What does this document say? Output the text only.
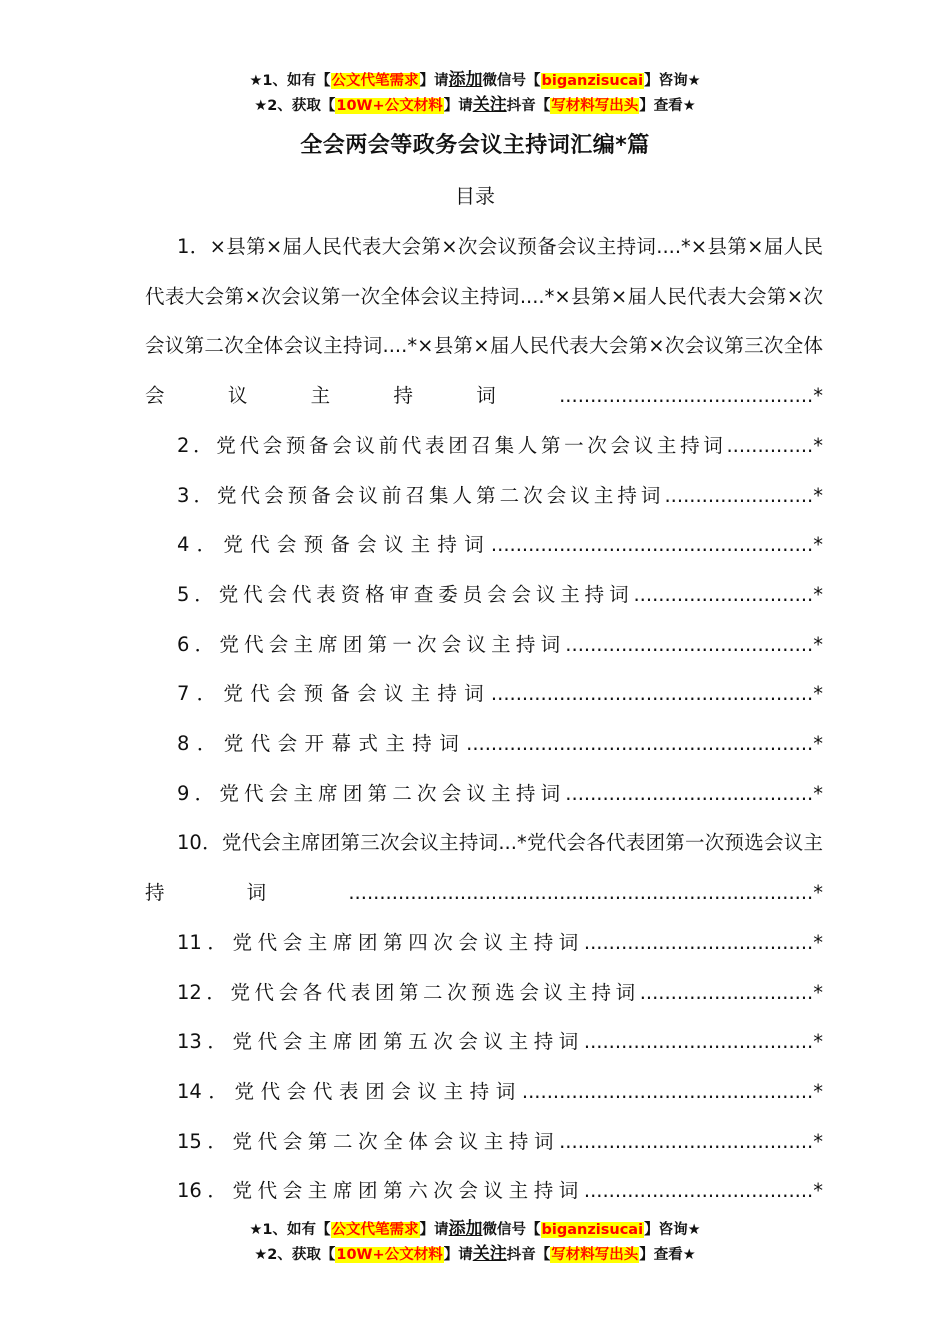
★1、如有【公文代笔需求】请添加微信号【biganzisucai】咨询★
★2、获取【10W+公文材料】请关注抖音【写材料写出头】查看★
全会两会等政务会议主持词汇编*篇
目录
1．×县第×届人民代表大会第×次会议预备会议主持词....*×县第×届人民代表大会第×次会议第一次全体会议主持词....*×县第×届人民代表大会第×次会议第二次全体会议主持词....*×县第×届人民代表大会第×次会议第三次全体会议主持词.........................................*
2．党代会预备会议前代表团召集人第一次会议主持词..............*
3．党代会预备会议前召集人第二次会议主持词........................*
4．党代会预备会议主持词....................................................*
5．党代会代表资格审查委员会会议主持词.............................*
6．党代会主席团第一次会议主持词........................................*
7．党代会预备会议主持词....................................................*
8．党代会开幕式主持词........................................................*
9．党代会主席团第二次会议主持词........................................*
10．党代会主席团第三次会议主持词...*党代会各代表团第一次预选会议主持词...........................................................................*
11．党代会主席团第四次会议主持词.....................................*
12．党代会各代表团第二次预选会议主持词............................*
13．党代会主席团第五次会议主持词.....................................*
14．党代会代表团会议主持词...............................................*
15．党代会第二次全体会议主持词.........................................*
16．党代会主席团第六次会议主持词.....................................*
★1、如有【公文代笔需求】请添加微信号【biganzisucai】咨询★
★2、获取【10W+公文材料】请关注抖音【写材料写出头】查看★
